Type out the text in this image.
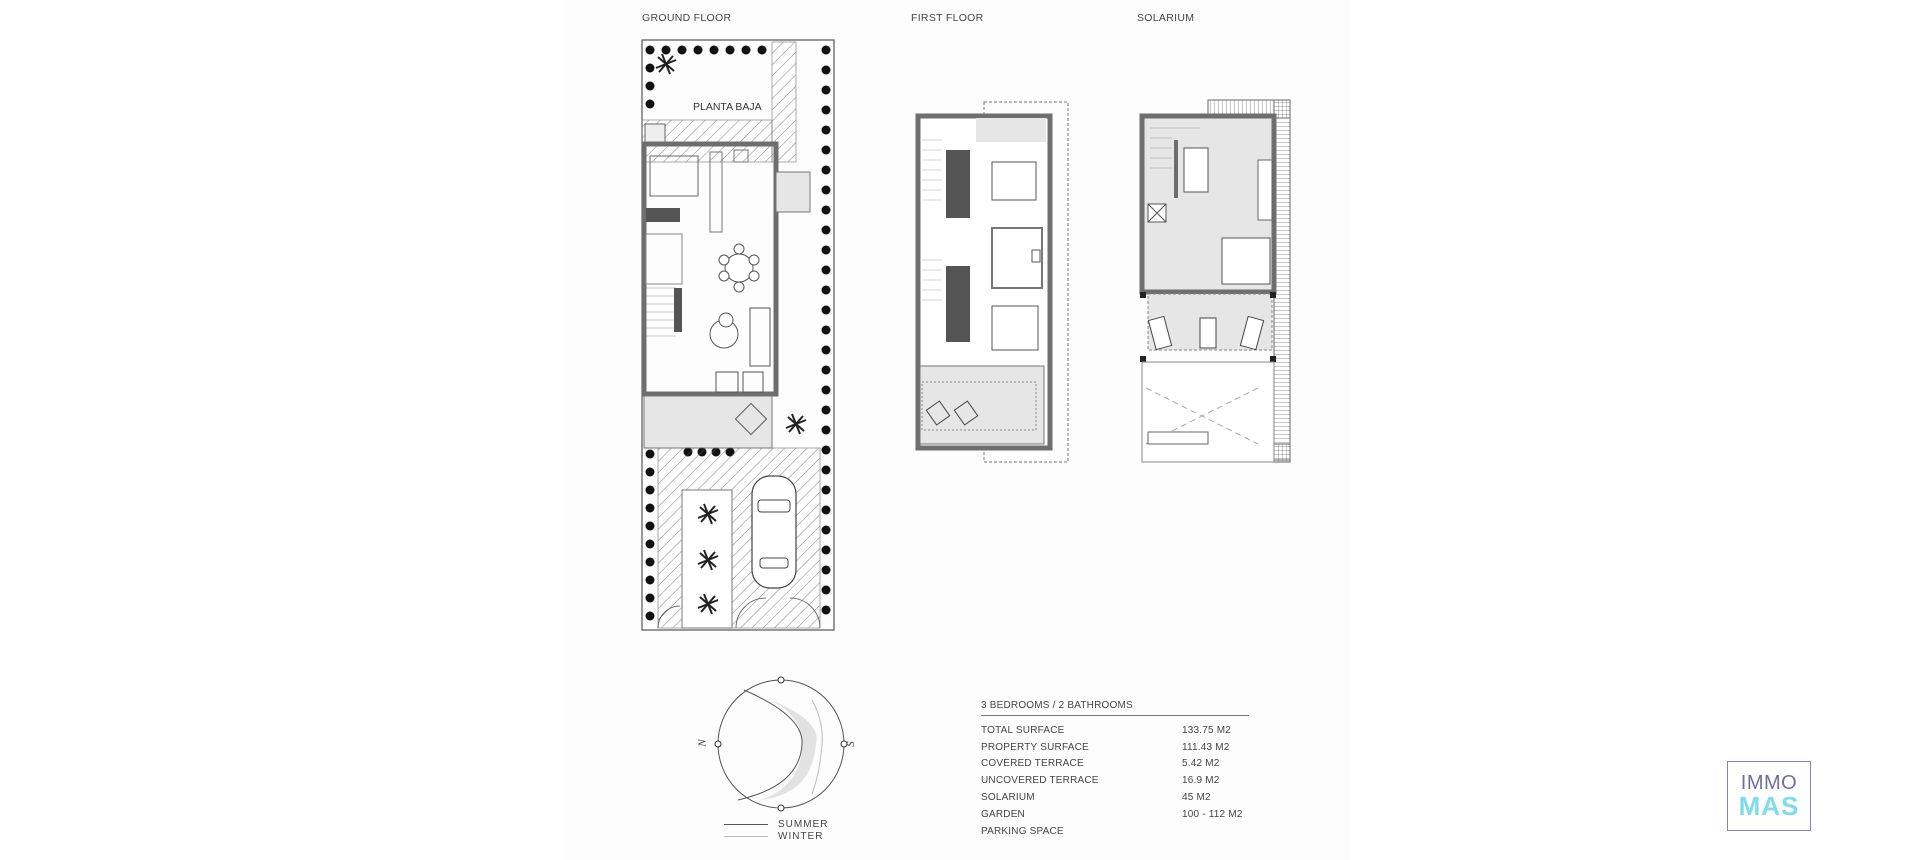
GROUND FLOOR	FIRST FLOOR	SOLARIUM
PLANTA BAJA
N	S
SUMMER
WINTER
3 BEDROOMS / 2 BATHROOMS
TOTAL SURFACE	133.75 M2
PROPERTY SURFACE	111.43 M2
COVERED TERRACE	5.42 M2
UNCOVERED TERRACE	16.9 M2
SOLARIUM	45 M2
GARDEN	100 - 112 M2
PARKING SPACE
IMMO
MAS
